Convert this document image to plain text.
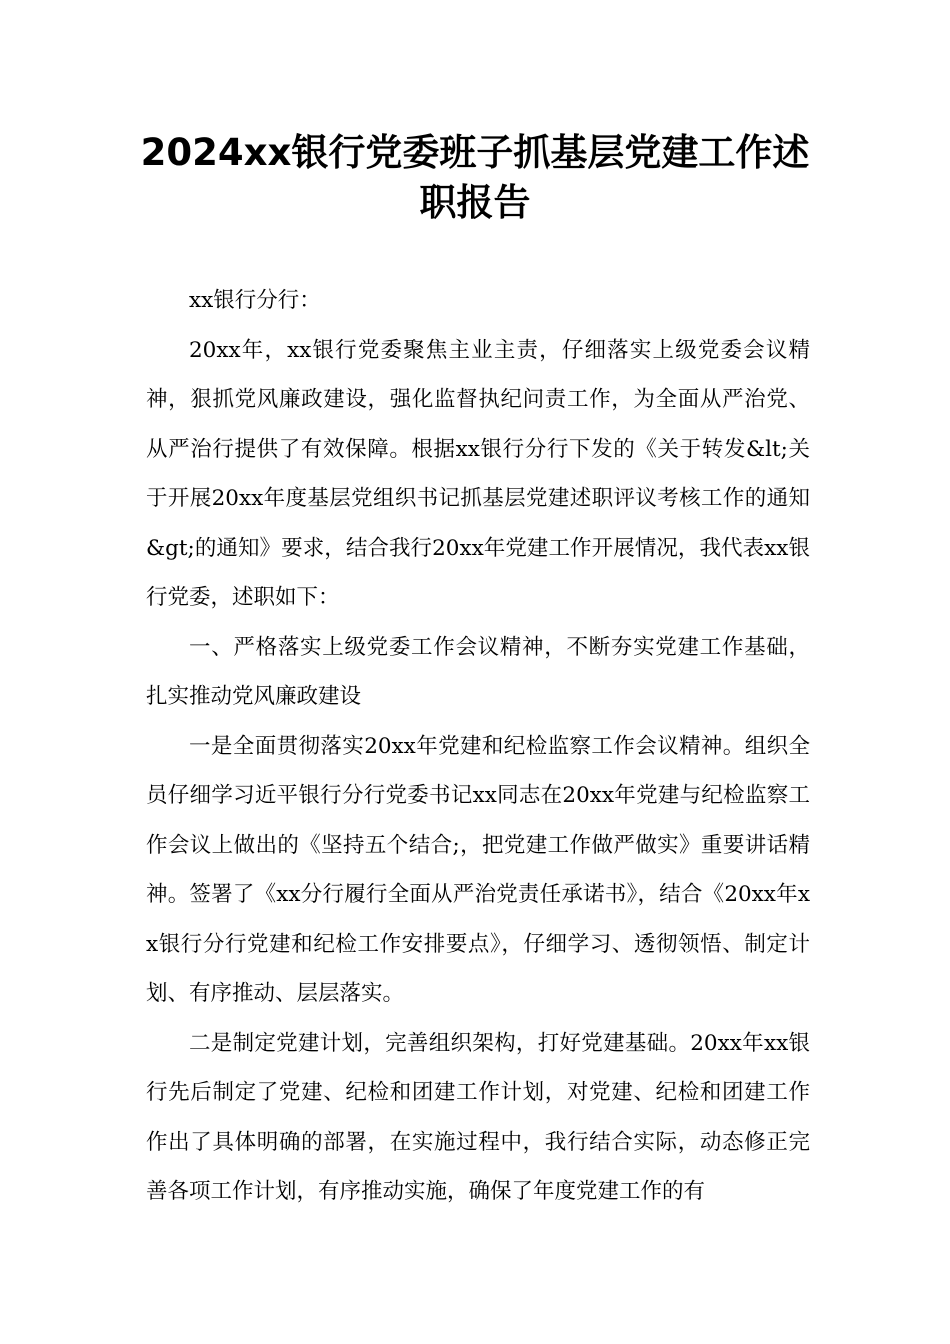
2024xx银行党委班子抓基层党建工作述
职报告

xx银行分行：

20xx年，xx银行党委聚焦主业主责，仔细落实上级党委会议精神，狠抓党风廉政建设，强化监督执纪问责工作，为全面从严治党、从严治行提供了有效保障。根据xx银行分行下发的《关于转发&lt;关于开展20xx年度基层党组织书记抓基层党建述职评议考核工作的通知&gt;的通知》要求，结合我行20xx年党建工作开展情况，我代表xx银行党委，述职如下：

一、严格落实上级党委工作会议精神，不断夯实党建工作基础，扎实推动党风廉政建设

一是全面贯彻落实20xx年党建和纪检监察工作会议精神。组织全员仔细学习近平银行分行党委书记xx同志在20xx年党建与纪检监察工作会议上做出的《坚持五个结合;，把党建工作做严做实》重要讲话精神。签署了《xx分行履行全面从严治党责任承诺书》，结合《20xx年xx银行分行党建和纪检工作安排要点》，仔细学习、透彻领悟、制定计划、有序推动、层层落实。

二是制定党建计划，完善组织架构，打好党建基础。20xx年xx银行先后制定了党建、纪检和团建工作计划，对党建、纪检和团建工作作出了具体明确的部署，在实施过程中，我行结合实际，动态修正完善各项工作计划，有序推动实施，确保了年度党建工作的有
